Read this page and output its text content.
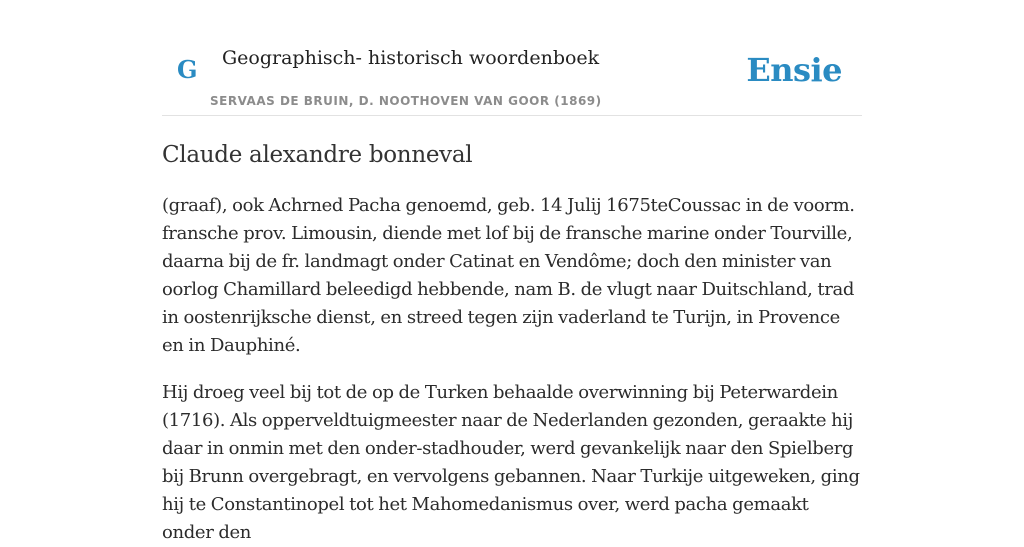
G Geographisch- historisch woordenboek
SERVAAS DE BRUIN, D. NOOTHOVEN VAN GOOR (1869)
Ensie
Claude alexandre bonneval

(graaf), ook Achrned Pacha genoemd, geb. 14 Julij 1675teCoussac in de voorm. fransche prov. Limousin, diende met lof bij de fransche marine onder Tourville, daarna bij de fr. landmagt onder Catinat en Vendôme; doch den minister van oorlog Chamillard beleedigd hebbende, nam B. de vlugt naar Duitschland, trad in oostenrijksche dienst, en streed tegen zijn vaderland te Turijn, in Provence en in Dauphiné.

Hij droeg veel bij tot de op de Turken behaalde overwinning bij Peterwardein (1716). Als opperveldtuigmeester naar de Nederlanden gezonden, geraakte hij daar in onmin met den onder-stadhouder, werd gevankelijk naar den Spielberg bij Brunn overgebragt, en vervolgens gebannen. Naar Turkije uitgeweken, ging hij te Constantinopel tot het Mahomedanismus over, werd pacha gemaakt onder den
